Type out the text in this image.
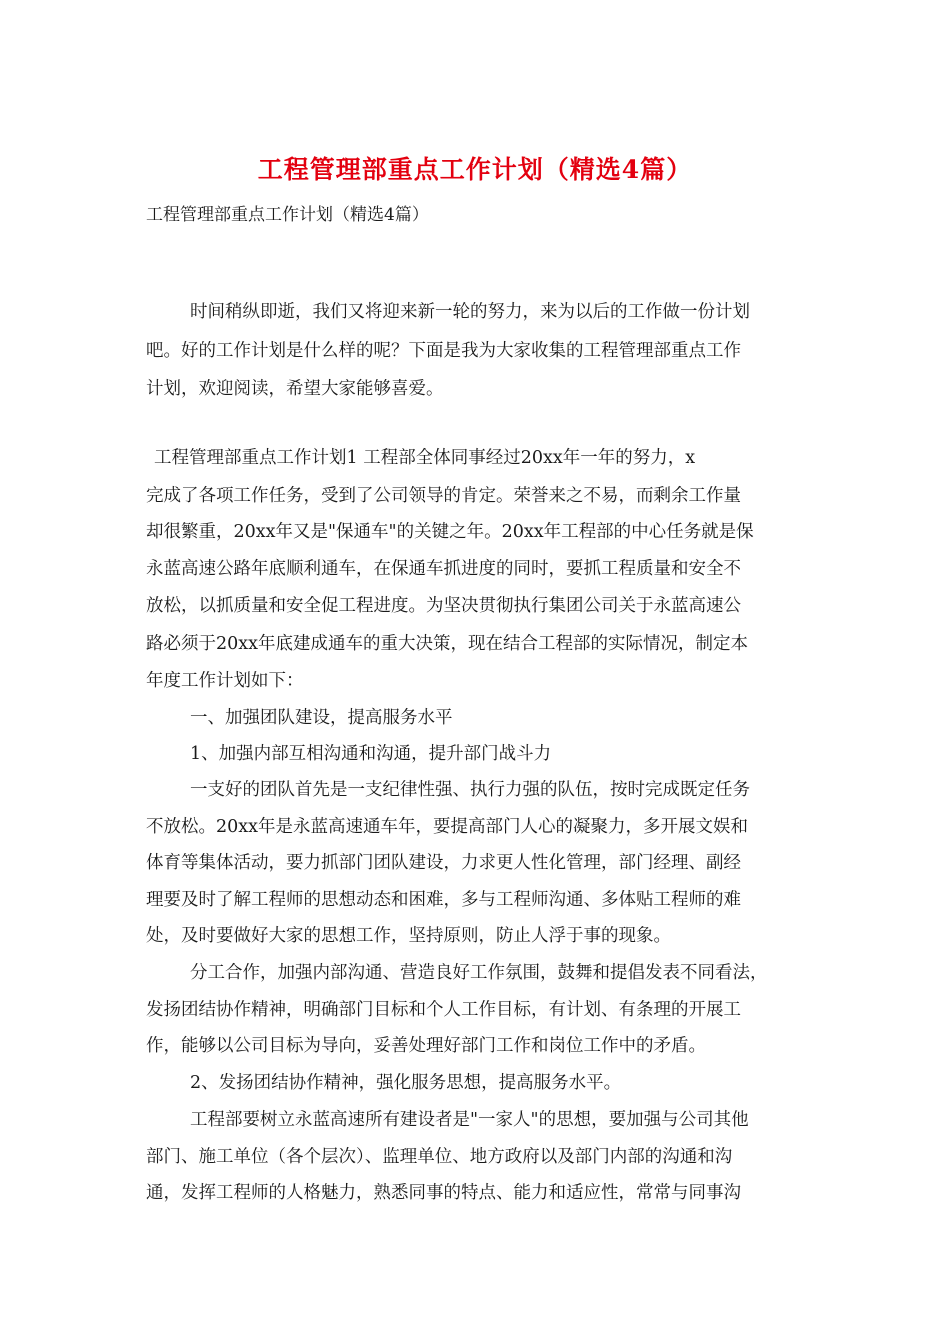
工程管理部重点工作计划（精选4篇）
工程管理部重点工作计划（精选4篇）
时间稍纵即逝，我们又将迎来新一轮的努力，来为以后的工作做一份计划
吧。好的工作计划是什么样的呢？下面是我为大家收集的工程管理部重点工作
计划，欢迎阅读，希望大家能够喜爱。
工程管理部重点工作计划1 工程部全体同事经过20xx年一年的努力，x
完成了各项工作任务，受到了公司领导的肯定。荣誉来之不易，而剩余工作量
却很繁重，20xx年又是"保通车"的关键之年。20xx年工程部的中心任务就是保
永蓝高速公路年底顺利通车，在保通车抓进度的同时，要抓工程质量和安全不
放松，以抓质量和安全促工程进度。为坚决贯彻执行集团公司关于永蓝高速公
路必须于20xx年底建成通车的重大决策，现在结合工程部的实际情况，制定本
年度工作计划如下：
一、加强团队建设，提高服务水平
1、加强内部互相沟通和沟通，提升部门战斗力
一支好的团队首先是一支纪律性强、执行力强的队伍，按时完成既定任务
不放松。20xx年是永蓝高速通车年，要提高部门人心的凝聚力，多开展文娱和
体育等集体活动，要力抓部门团队建设，力求更人性化管理，部门经理、副经
理要及时了解工程师的思想动态和困难，多与工程师沟通、多体贴工程师的难
处，及时要做好大家的思想工作，坚持原则，防止人浮于事的现象。
分工合作，加强内部沟通、营造良好工作氛围，鼓舞和提倡发表不同看法，
发扬团结协作精神，明确部门目标和个人工作目标，有计划、有条理的开展工
作，能够以公司目标为导向，妥善处理好部门工作和岗位工作中的矛盾。
2、发扬团结协作精神，强化服务思想，提高服务水平。
工程部要树立永蓝高速所有建设者是"一家人"的思想，要加强与公司其他
部门、施工单位（各个层次）、监理单位、地方政府以及部门内部的沟通和沟
通，发挥工程师的人格魅力，熟悉同事的特点、能力和适应性，常常与同事沟
